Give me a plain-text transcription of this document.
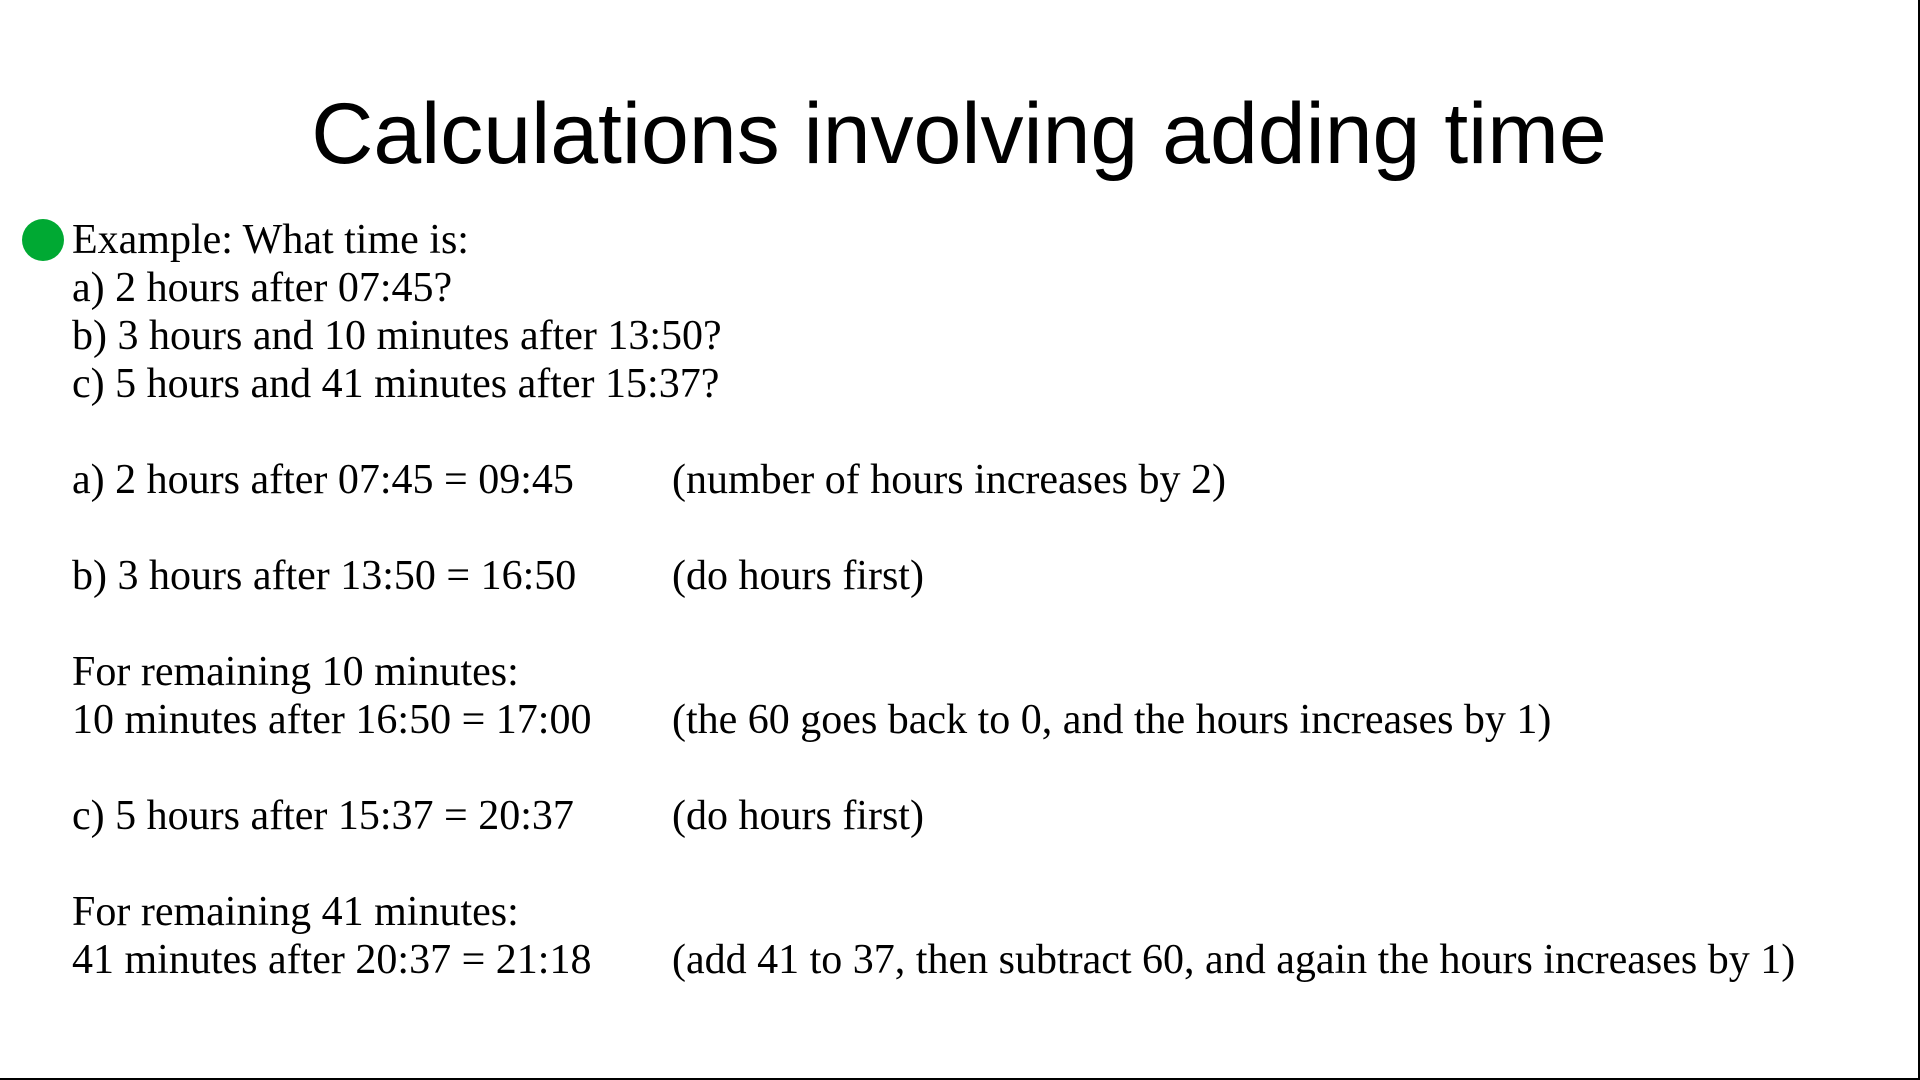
Calculations involving adding time
Example: What time is:
a) 2 hours after 07:45?
b) 3 hours and 10 minutes after 13:50?
c) 5 hours and 41 minutes after 15:37?
a) 2 hours after 07:45 = 09:45 (number of hours increases by 2)
b) 3 hours after 13:50 = 16:50 (do hours first)
For remaining 10 minutes:
10 minutes after 16:50 = 17:00 (the 60 goes back to 0, and the hours increases by 1)
c) 5 hours after 15:37 = 20:37 (do hours first)
For remaining 41 minutes:
41 minutes after 20:37 = 21:18 (add 41 to 37, then subtract 60, and again the hours increases by 1)
